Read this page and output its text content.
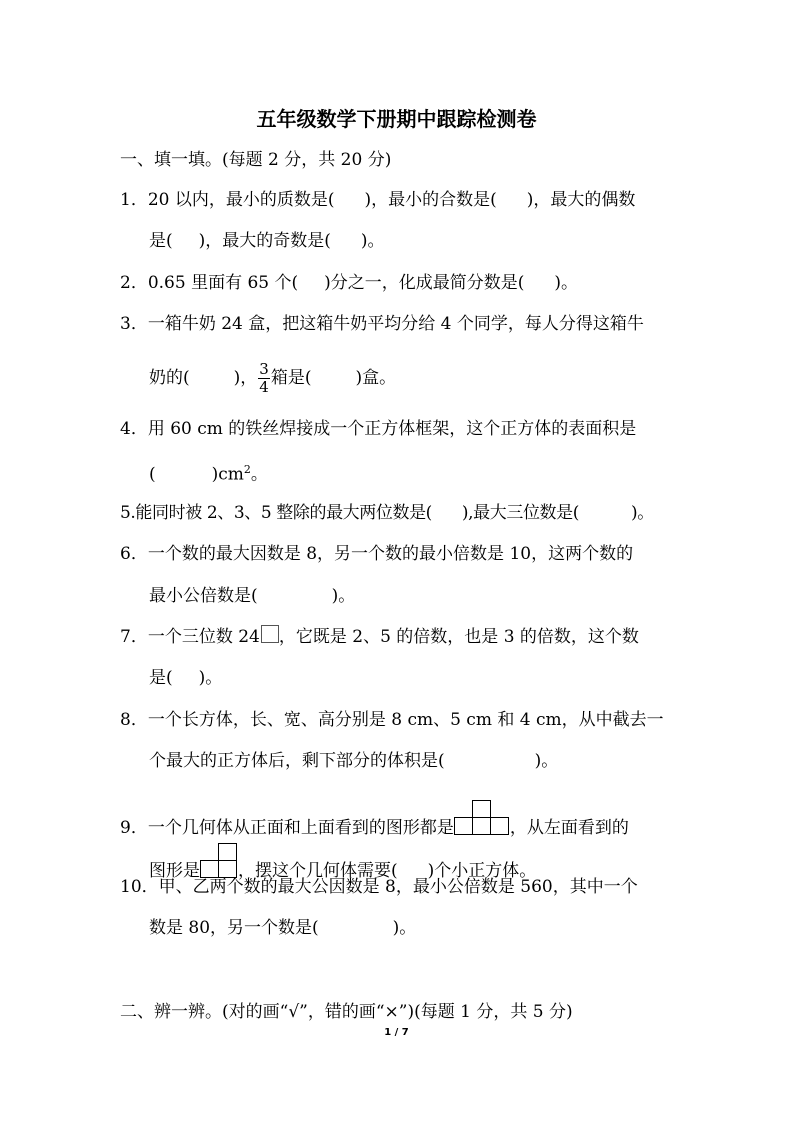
五年级数学下册期中跟踪检测卷
一、填一填。(每题 2 分，共 20 分)
1．20 以内，最小的质数是( )，最小的合数是( )，最大的偶数
是( )，最大的奇数是( )。
2．0.65 里面有 65 个( )分之一，化成最简分数是( )。
3．一箱牛奶 24 盒，把这箱牛奶平均分给 4 个同学，每人分得这箱牛
奶的(	)， $\frac{3}{4}$ 箱是(	)盒。
4．用 60 cm 的铁丝焊接成一个正方体框架，这个正方体的表面积是
(	)$cm^2$。
5.能同时被 2、3、5 整除的最大两位数是( ),最大三位数是(	)。
6．一个数的最大因数是 8，另一个数的最小倍数是 10，这两个数的
最小公倍数是(	)。
7．一个三位数 24 ，它既是 2、5 的倍数，也是 3 的倍数，这个数
是( )。
8．一个长方体，长、宽、高分别是 8 cm、5 cm 和 4 cm，从中截去一
个最大的正方体后，剩下部分的体积是(	)。
9．一个几何体从正面和上面看到的图形都是	，从左面看到的
图形是 ，摆这个几何体需要( )个小正方体。
10．甲、乙两个数的最大公因数是 8，最小公倍数是 560，其中一个
数是 80，另一个数是(	)。
二、辨一辨。(对的画“√”，错的画“×”)(每题 1 分，共 5 分)
1 / 7
